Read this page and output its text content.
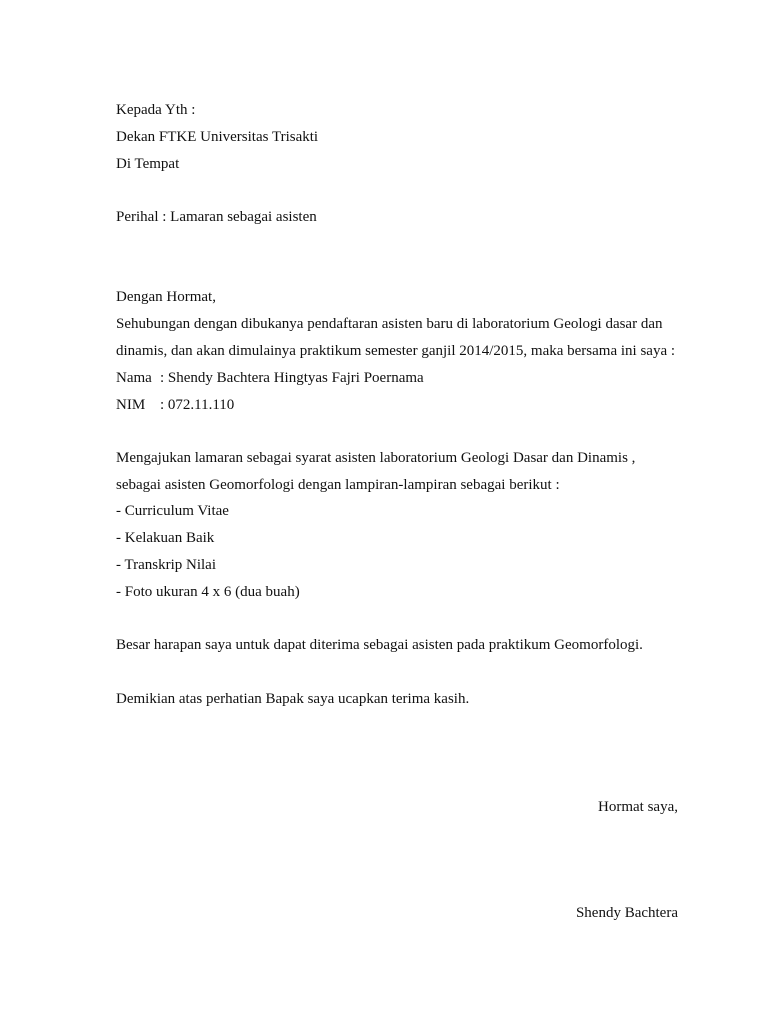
Kepada Yth :
Dekan FTKE Universitas Trisakti
Di Tempat
Perihal : Lamaran sebagai asisten
Dengan Hormat,
Sehubungan dengan dibukanya pendaftaran asisten baru di laboratorium Geologi dasar dan
dinamis, dan akan dimulainya praktikum semester ganjil 2014/2015, maka bersama ini saya :
Nama : Shendy Bachtera Hingtyas Fajri Poernama
NIM : 072.11.110
Mengajukan lamaran sebagai syarat asisten laboratorium Geologi Dasar dan Dinamis ,
sebagai asisten Geomorfologi dengan lampiran-lampiran sebagai berikut :
- Curriculum Vitae
- Kelakuan Baik
- Transkrip Nilai
- Foto ukuran 4 x 6 (dua buah)
Besar harapan saya untuk dapat diterima sebagai asisten pada praktikum Geomorfologi.
Demikian atas perhatian Bapak saya ucapkan terima kasih.
Hormat saya,
Shendy Bachtera
